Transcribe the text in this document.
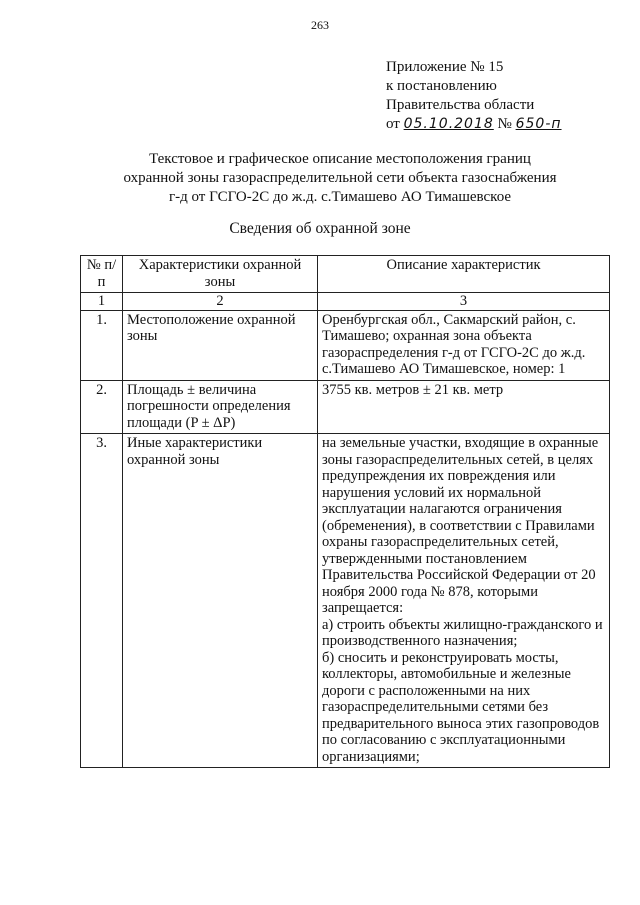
263
Приложение № 15
к постановлению
Правительства области
от 05.10.2018 № 650-п
Текстовое и графическое описание местоположения границ
охранной зоны газораспределительной сети объекта газоснабжения
г-д от ГСГО-2С до ж.д. с.Тимашево АО Тимашевское
Сведения об охранной зоне
№ п/п	Характеристики охранной зоны	Описание характеристик
1	2	3
1.	Местоположение охранной зоны	Оренбургская обл., Сакмарский район, с. Тимашево; охранная зона объекта газораспределения г-д от ГСГО-2С до ж.д. с.Тимашево АО Тимашевское, номер: 1
2.	Площадь ± величина погрешности определения площади (P ± ΔP)	3755 кв. метров ± 21 кв. метр
3.	Иные характеристики охранной зоны	на земельные участки, входящие в охранные зоны газораспределительных сетей, в целях предупреждения их повреждения или нарушения условий их нормальной эксплуатации налагаются ограничения (обременения), в соответствии с Правилами охраны газораспределительных сетей, утвержденными постановлением Правительства Российской Федерации от 20 ноября 2000 года № 878, которыми запрещается:
а) строить объекты жилищно-гражданского и производственного назначения;
б) сносить и реконструировать мосты, коллекторы, автомобильные и железные дороги с расположенными на них газораспределительными сетями без предварительного выноса этих газопроводов по согласованию с эксплуатационными организациями;
